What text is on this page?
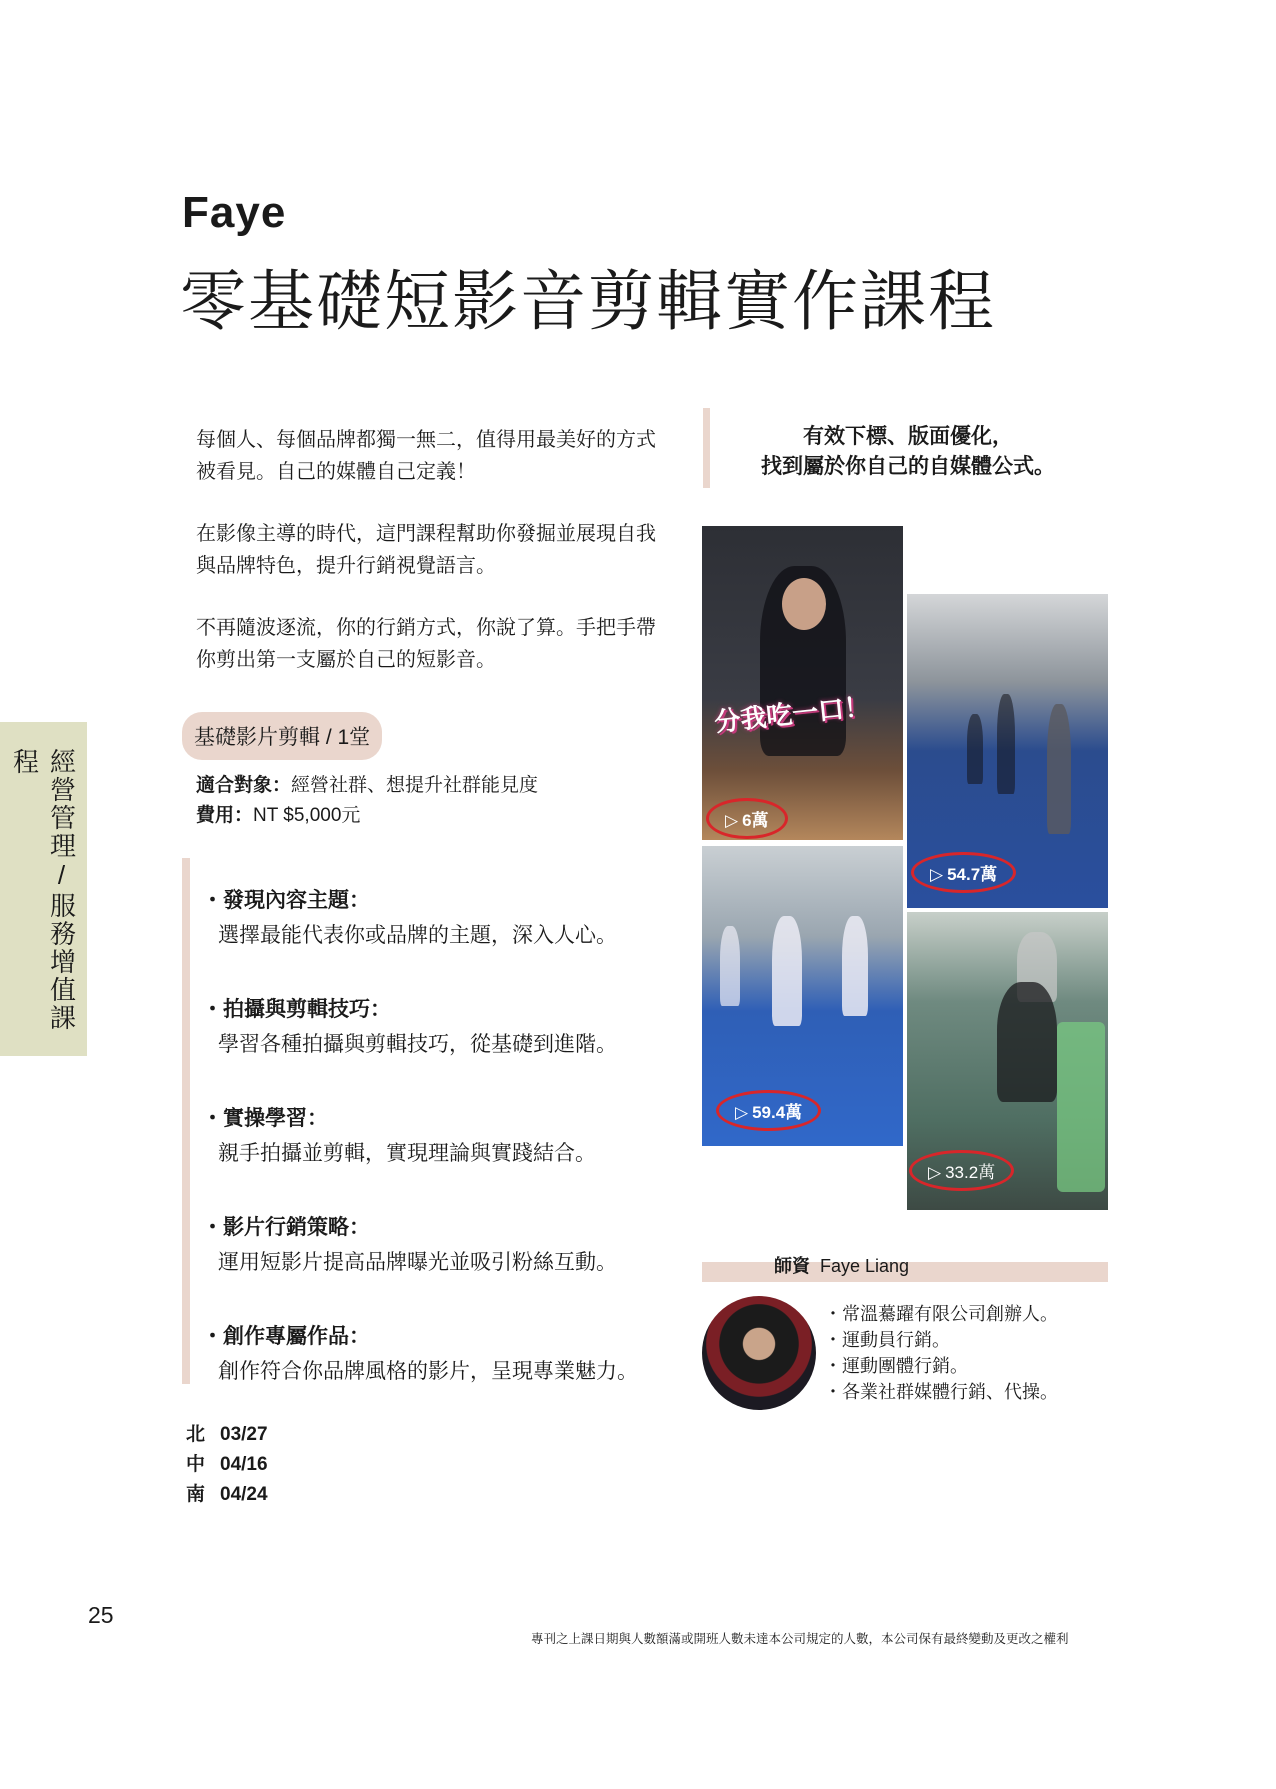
Faye
零基礎短影音剪輯實作課程
經營管理/服務增值課程

每個人、每個品牌都獨一無二，值得用最美好的方式被看見。自己的媒體自己定義！

在影像主導的時代，這門課程幫助你發掘並展現自我與品牌特色，提升行銷視覺語言。

不再隨波逐流，你的行銷方式，你說了算。手把手帶你剪出第一支屬於自己的短影音。

基礎影片剪輯 / 1堂
適合對象：經營社群、想提升社群能見度
費用：NT $5,000元
・ 發現內容主題：
選擇最能代表你或品牌的主題，深入人心。
・ 拍攝與剪輯技巧：
學習各種拍攝與剪輯技巧，從基礎到進階。
・ 實操學習：
親手拍攝並剪輯，實現理論與實踐結合。
・ 影片行銷策略：
運用短影片提高品牌曝光並吸引粉絲互動。
・ 創作專屬作品：
創作符合你品牌風格的影片，呈現專業魅力。
北 03/27
中 04/16
南 04/24
有效下標、版面優化，
找到屬於你自己的自媒體公式。
分我吃一口！
▷ 6萬
▷ 54.7萬
▷ 59.4萬
▷ 33.2萬
師資 Faye Liang
・ 常溫驀躍有限公司創辦人。
・ 運動員行銷。
・ 運動團體行銷。
・ 各業社群媒體行銷、代操。
25
專刊之上課日期與人數額滿或開班人數未達本公司規定的人數，本公司保有最終變動及更改之權利
